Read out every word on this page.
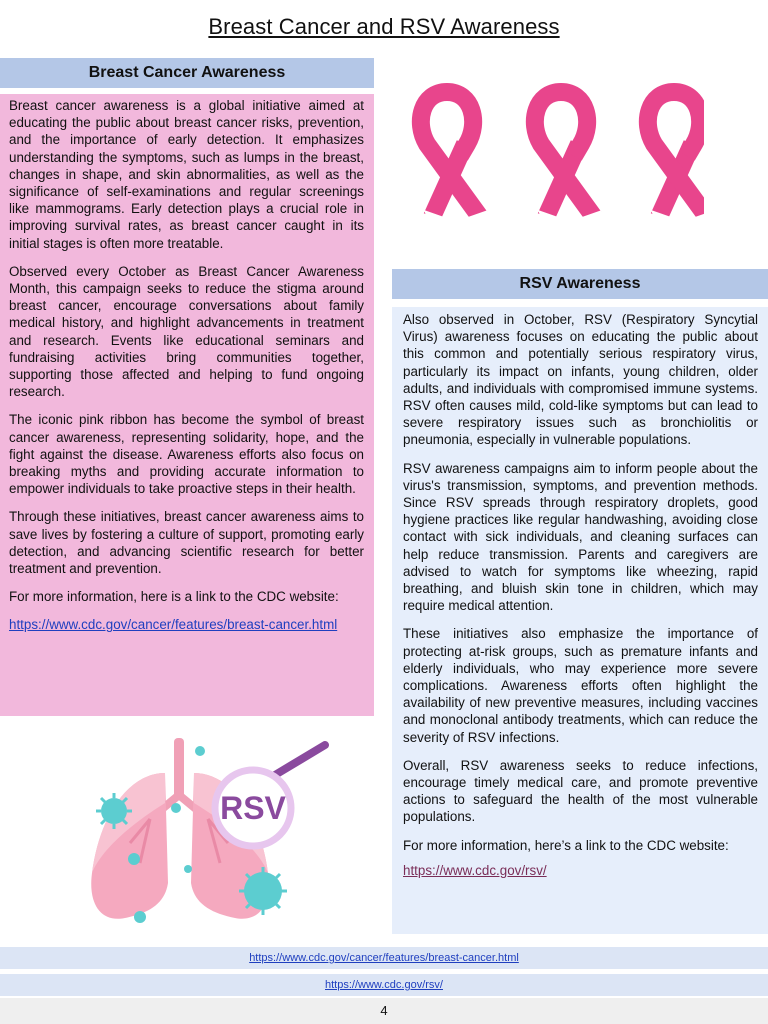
Breast Cancer and RSV Awareness
Breast Cancer Awareness

Breast cancer awareness is a global initiative aimed at educating the public about breast cancer risks, prevention, and the importance of early detection. It emphasizes understanding the symptoms, such as lumps in the breast, changes in shape, and skin abnormalities, as well as the significance of self-examinations and regular screenings like mammograms. Early detection plays a crucial role in improving survival rates, as breast cancer caught in its initial stages is often more treatable.

Observed every October as Breast Cancer Awareness Month, this campaign seeks to reduce the stigma around breast cancer, encourage conversations about family medical history, and highlight advancements in treatment and research. Events like educational seminars and fundraising activities bring communities together, supporting those affected and helping to fund ongoing research.

The iconic pink ribbon has become the symbol of breast cancer awareness, representing solidarity, hope, and the fight against the disease. Awareness efforts also focus on breaking myths and providing accurate information to empower individuals to take proactive steps in their health.

Through these initiatives, breast cancer awareness aims to save lives by fostering a culture of support, promoting early detection, and advancing scientific research for better treatment and prevention.

For more information, here is a link to the CDC website:

https://www.cdc.gov/cancer/features/breast-cancer.html
RSV Awareness

Also observed in October, RSV (Respiratory Syncytial Virus) awareness focuses on educating the public about this common and potentially serious respiratory virus, particularly its impact on infants, young children, older adults, and individuals with compromised immune systems. RSV often causes mild, cold-like symptoms but can lead to severe respiratory issues such as bronchiolitis or pneumonia, especially in vulnerable populations.

RSV awareness campaigns aim to inform people about the virus's transmission, symptoms, and prevention methods. Since RSV spreads through respiratory droplets, good hygiene practices like regular handwashing, avoiding close contact with sick individuals, and cleaning surfaces can help reduce transmission. Parents and caregivers are advised to watch for symptoms like wheezing, rapid breathing, and bluish skin tone in children, which may require medical attention.

These initiatives also emphasize the importance of protecting at-risk groups, such as premature infants and elderly individuals, who may experience more severe complications. Awareness efforts often highlight the availability of new preventive measures, including vaccines and monoclonal antibody treatments, which can reduce the severity of RSV infections.

Overall, RSV awareness seeks to reduce infections, encourage timely medical care, and promote preventive actions to safeguard the health of the most vulnerable populations.

For more information, here’s a link to the CDC website:

https://www.cdc.gov/rsv/
RSV
https://www.cdc.gov/cancer/features/breast-cancer.html
https://www.cdc.gov/rsv/
4
